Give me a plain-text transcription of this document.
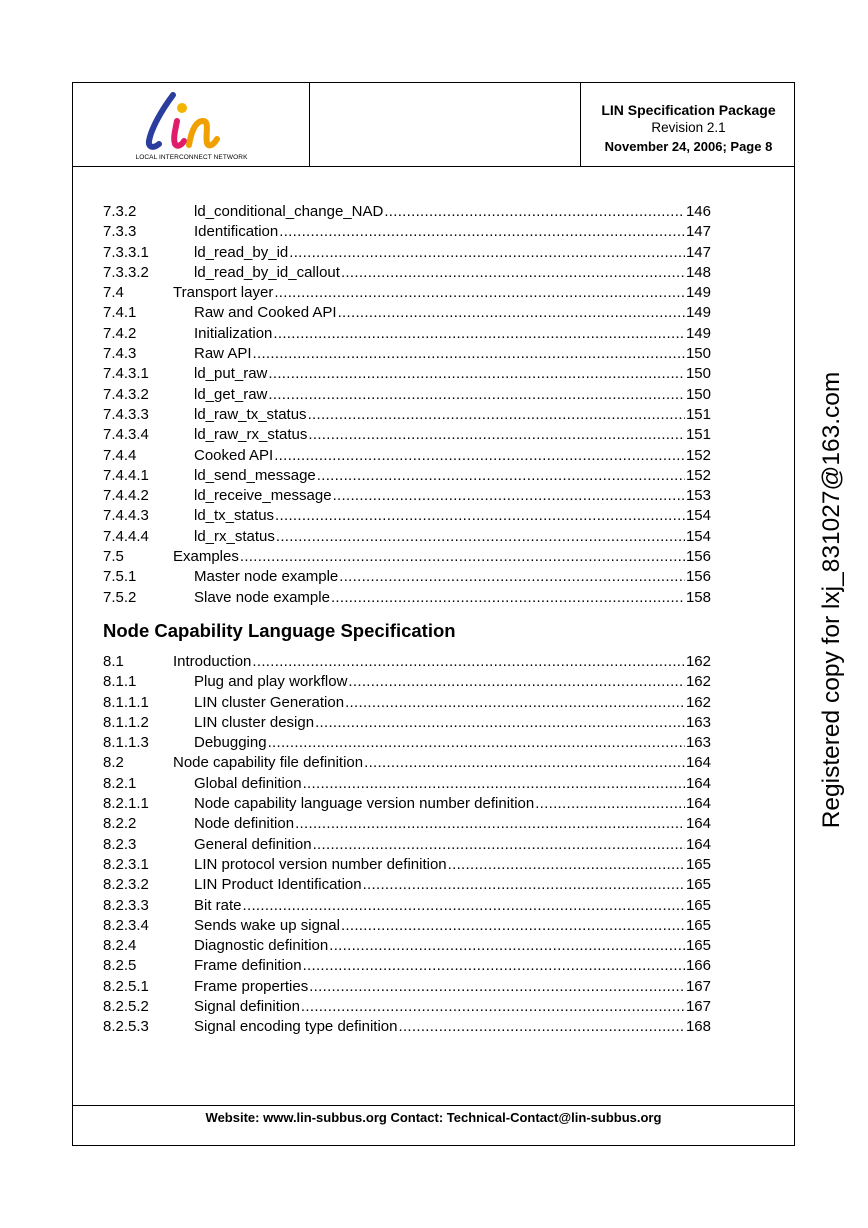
lin
LOCAL INTERCONNECT NETWORK
LIN Specification Package
Revision 2.1
November 24, 2006; Page 8
7.3.2	ld_conditional_change_NAD .....	146
7.3.3	Identification .....	147
7.3.3.1	ld_read_by_id .....	147
7.3.3.2	ld_read_by_id_callout .....	148
7.4	Transport layer .....	149
7.4.1	Raw and Cooked API .....	149
7.4.2	Initialization .....	149
7.4.3	Raw API .....	150
7.4.3.1	ld_put_raw .....	150
7.4.3.2	ld_get_raw .....	150
7.4.3.3	ld_raw_tx_status .....	151
7.4.3.4	ld_raw_rx_status .....	151
7.4.4	Cooked API .....	152
7.4.4.1	ld_send_message .....	152
7.4.4.2	ld_receive_message .....	153
7.4.4.3	ld_tx_status .....	154
7.4.4.4	ld_rx_status .....	154
7.5	Examples .....	156
7.5.1	Master node example .....	156
7.5.2	Slave node example .....	158
Node Capability Language Specification
8.1	Introduction .....	162
8.1.1	Plug and play workflow .....	162
8.1.1.1	LIN cluster Generation .....	162
8.1.1.2	LIN cluster design .....	163
8.1.1.3	Debugging .....	163
8.2	Node capability file definition .....	164
8.2.1	Global definition .....	164
8.2.1.1	Node capability language version number definition .....	164
8.2.2	Node definition .....	164
8.2.3	General definition .....	164
8.2.3.1	LIN protocol version number definition .....	165
8.2.3.2	LIN Product Identification .....	165
8.2.3.3	Bit rate .....	165
8.2.3.4	Sends wake up signal .....	165
8.2.4	Diagnostic definition .....	165
8.2.5	Frame definition .....	166
8.2.5.1	Frame properties .....	167
8.2.5.2	Signal definition .....	167
8.2.5.3	Signal encoding type definition .....	168
Website: www.lin-subbus.org Contact: Technical-Contact@lin-subbus.org
Registered copy for lxj_831027@163.com
